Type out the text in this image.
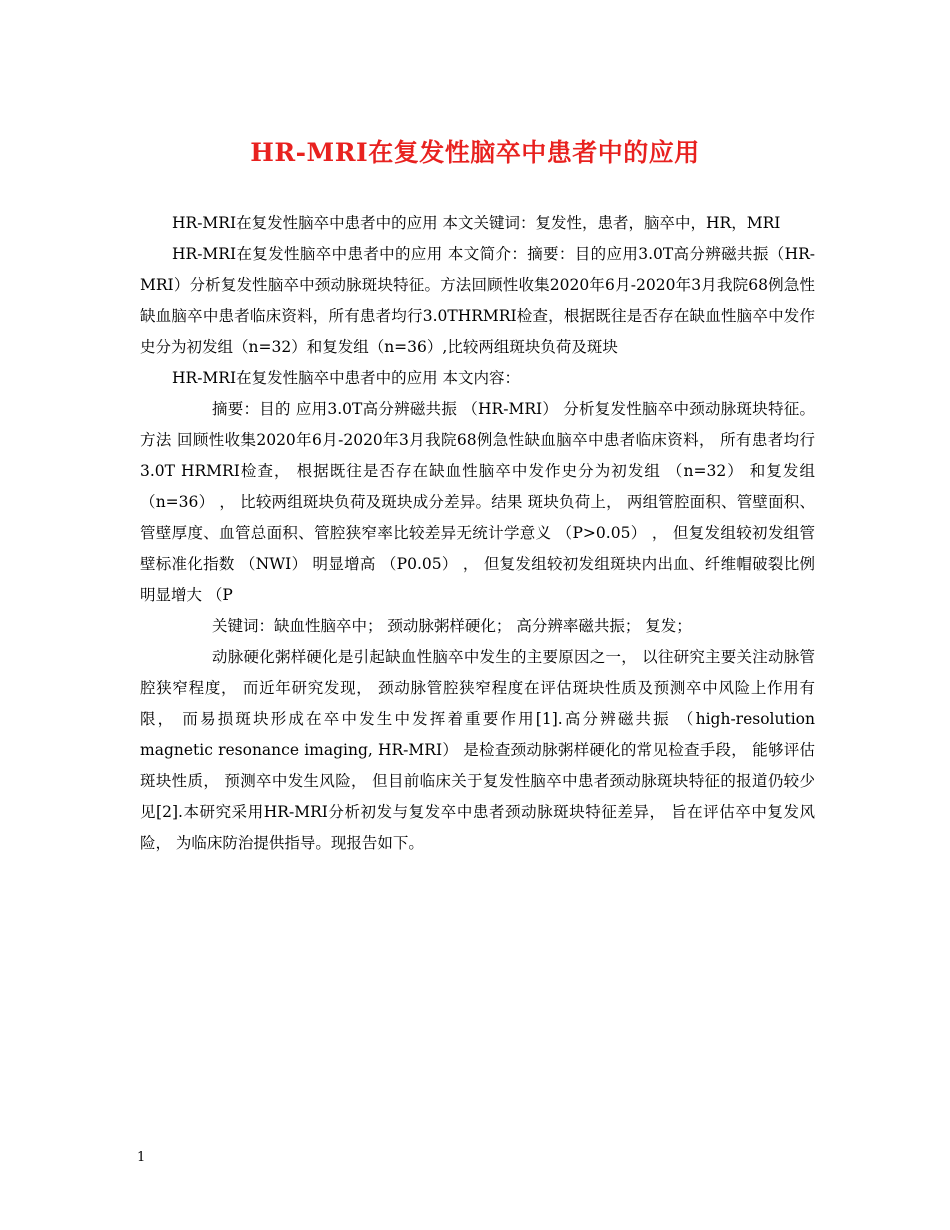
HR-MRI在复发性脑卒中患者中的应用

HR-MRI在复发性脑卒中患者中的应用 本文关键词：复发性，患者，脑卒中，HR，MRI

HR-MRI在复发性脑卒中患者中的应用 本文简介：摘要：目的应用3.0T高分辨磁共振（HR-MRI）分析复发性脑卒中颈动脉斑块特征。方法回顾性收集2020年6月-2020年3月我院68例急性缺血脑卒中患者临床资料，所有患者均行3.0THRMRI检查，根据既往是否存在缺血性脑卒中发作史分为初发组（n=32）和复发组（n=36）,比较两组斑块负荷及斑块

HR-MRI在复发性脑卒中患者中的应用 本文内容：

摘要：目的 应用3.0T高分辨磁共振 （HR-MRI） 分析复发性脑卒中颈动脉斑块特征。方法 回顾性收集2020年6月-2020年3月我院68例急性缺血脑卒中患者临床资料， 所有患者均行3.0T HRMRI检查， 根据既往是否存在缺血性脑卒中发作史分为初发组 （n=32） 和复发组 （n=36） ， 比较两组斑块负荷及斑块成分差异。结果 斑块负荷上， 两组管腔面积、管壁面积、管壁厚度、血管总面积、管腔狭窄率比较差异无统计学意义 （P>0.05） ， 但复发组较初发组管壁标准化指数 （NWI） 明显增高 （P0.05） ， 但复发组较初发组斑块内出血、纤维帽破裂比例明显增大 （P

关键词：缺血性脑卒中； 颈动脉粥样硬化； 高分辨率磁共振； 复发；

动脉硬化粥样硬化是引起缺血性脑卒中发生的主要原因之一， 以往研究主要关注动脉管腔狭窄程度， 而近年研究发现， 颈动脉管腔狭窄程度在评估斑块性质及预测卒中风险上作用有限， 而易损斑块形成在卒中发生中发挥着重要作用[1].高分辨磁共振 （high-resolution magnetic resonance imaging, HR-MRI） 是检查颈动脉粥样硬化的常见检查手段， 能够评估斑块性质， 预测卒中发生风险， 但目前临床关于复发性脑卒中患者颈动脉斑块特征的报道仍较少见[2].本研究采用HR-MRI分析初发与复发卒中患者颈动脉斑块特征差异， 旨在评估卒中复发风险， 为临床防治提供指导。现报告如下。

1
